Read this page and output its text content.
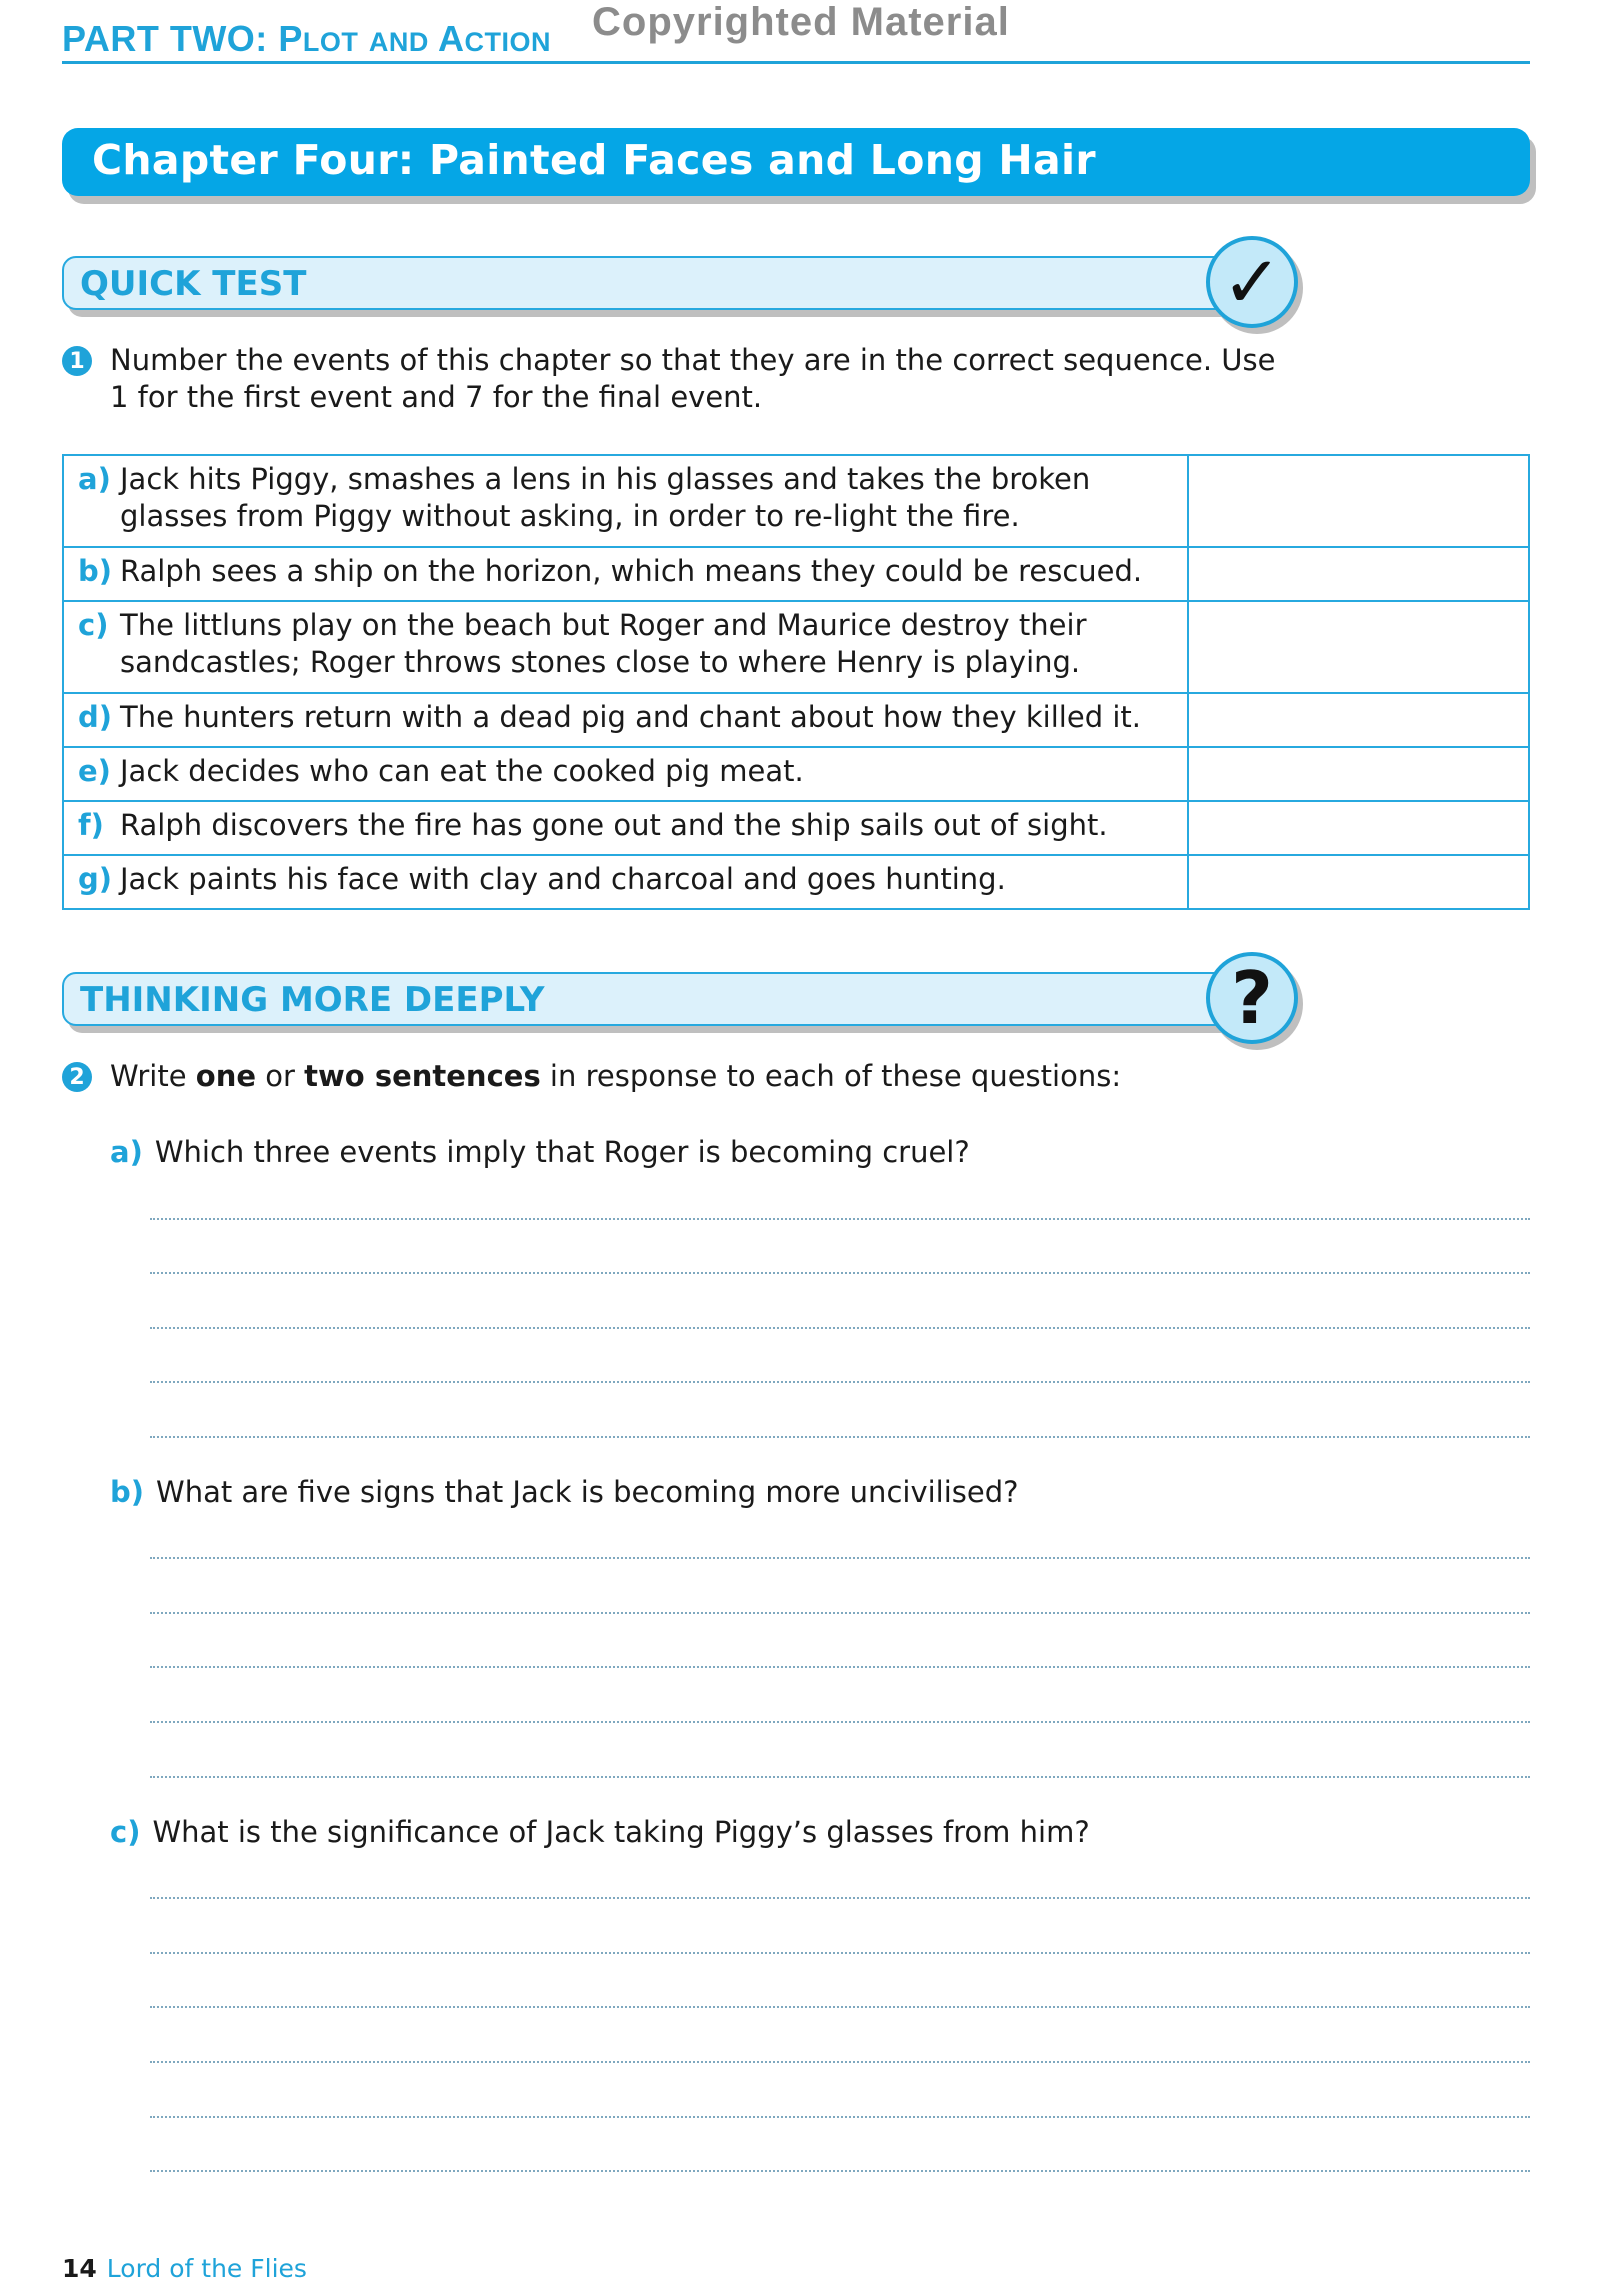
PART TWO: PLOT AND ACTION Copyrighted Material
Chapter Four: Painted Faces and Long Hair
QUICK TEST	✓
1 Number the events of this chapter so that they are in the correct sequence. Use 1 for the first event and 7 for the final event.
a) Jack hits Piggy, smashes a lens in his glasses and takes the broken glasses from Piggy without asking, in order to re-light the fire.	

b) Ralph sees a ship on the horizon, which means they could be rescued.	

c) The littluns play on the beach but Roger and Maurice destroy their sandcastles; Roger throws stones close to where Henry is playing.	

d) The hunters return with a dead pig and chant about how they killed it.	

e) Jack decides who can eat the cooked pig meat.	

f) Ralph discovers the fire has gone out and the ship sails out of sight.	

g) Jack paints his face with clay and charcoal and goes hunting.	

THINKING MORE DEEPLY	?
2 Write one or two sentences in response to each of these questions:
a) Which three events imply that Roger is becoming cruel?
b) What are five signs that Jack is becoming more uncivilised?
c) What is the significance of Jack taking Piggy’s glasses from him?
14 Lord of the Flies
